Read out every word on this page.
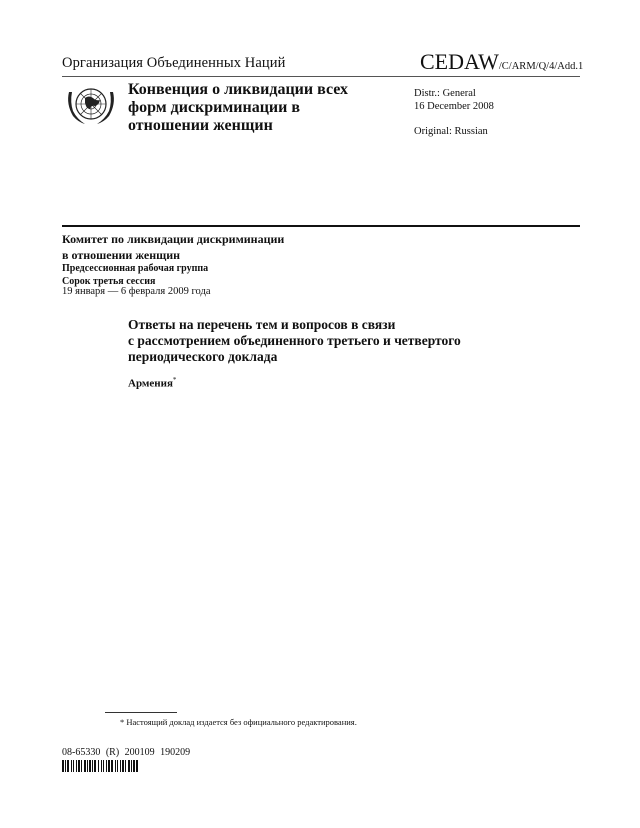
Организация Объединенных Наций	CEDAW/C/ARM/Q/4/Add.1
Конвенция о ликвидации всех
форм дискриминации в
отношении женщин
Distr.: General
16 December 2008
Original: Russian
Комитет по ликвидации дискриминации
в отношении женщин
Предсессионная рабочая группа
Сорок третья сессия
19 января — 6 февраля 2009 года
Ответы на перечень тем и вопросов в связи
с рассмотрением объединенного третьего и четвертого
периодического доклада
Армения*
* Настоящий доклад издается без официального редактирования.
08-65330 (R) 200109 190209
